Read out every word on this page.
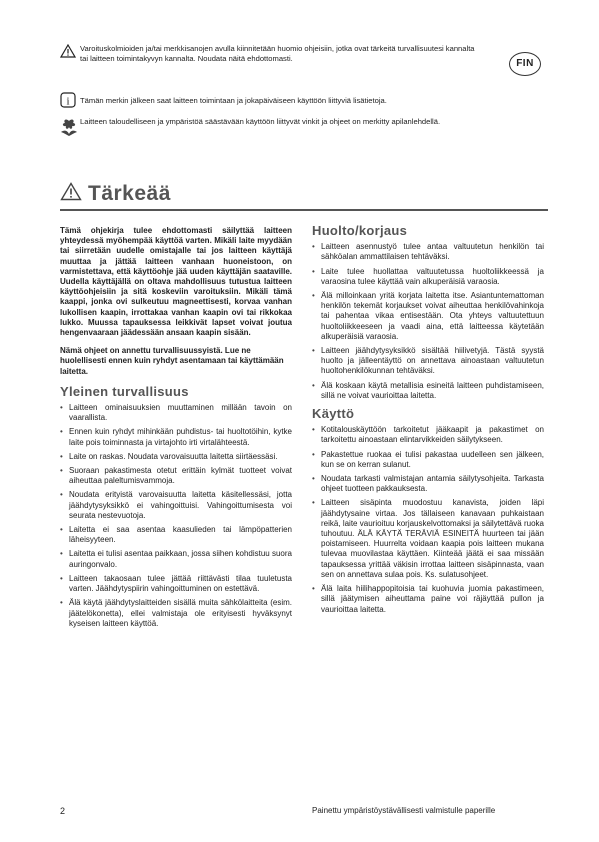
Varoituskolmioiden ja/tai merkkisanojen avulla kiinnitetään huomio ohjeisiin, jotka ovat tärkeitä turvallisuutesi kannalta tai laitteen toimintakyvyn kannalta. Noudata näitä ehdottomasti.	FIN
i Tämän merkin jälkeen saat laitteen toimintaan ja jokapäiväiseen käyttöön liittyviä lisätietoja.
Laitteen taloudelliseen ja ympäristöä säästävään käyttöön liittyvät vinkit ja ohjeet on merkitty apilanlehdellä.
Tärkeää

Tämä ohjekirja tulee ehdottomasti säilyttää laitteen yhteydessä myöhempää käyttöä varten. Mikäli laite myydään tai siirretään uudelle omistajalle tai jos laitteen käyttäjä muuttaa ja jättää laitteen vanhaan huoneistoon, on varmistettava, että käyttöohje jää uuden käyttäjän saataville. Uudella käyttäjällä on oltava mahdollisuus tutustua laitteen käyttöohjeisiin ja sitä koskeviin varoituksiin. Mikäli tämä kaappi, jonka ovi sulkeutuu magneettisesti, korvaa vanhan lukollisen kaapin, irrottakaa vanhan kaapin ovi tai rikkokaa lukko. Muussa tapauksessa leikkivät lapset voivat joutua hengenvaaraan jäädessään ansaan kaapin sisään.

Nämä ohjeet on annettu turvallisuussyistä. Lue ne huolellisesti ennen kuin ryhdyt asentamaan tai käyttämään laitetta.

Yleinen turvallisuus
• Laitteen ominaisuuksien muuttaminen millään tavoin on vaarallista.
• Ennen kuin ryhdyt mihinkään puhdistus- tai huoltotöihin, kytke laite pois toiminnasta ja virtajohto irti virtalähteestä.
• Laite on raskas. Noudata varovaisuutta laitetta siirtäessäsi.
• Suoraan pakastimesta otetut erittäin kylmät tuotteet voivat aiheuttaa paleltumisvammoja.
• Noudata erityistä varovaisuutta laitetta käsitellessäsi, jotta jäähdytysyksikkö ei vahingoittuisi. Vahingoittumisesta voi seurata nestevuotoja.
• Laitetta ei saa asentaa kaasulieden tai lämpöpatterien läheisyyteen.
• Laitetta ei tulisi asentaa paikkaan, jossa siihen kohdistuu suora auringonvalo.
• Laitteen takaosaan tulee jättää riittävästi tilaa tuuletusta varten. Jäähdytyspiirin vahingoittuminen on estettävä.
• Älä käytä jäähdytyslaitteiden sisällä muita sähkölaitteita (esim. jäätelökonetta), ellei valmistaja ole erityisesti hyväksynyt kyseisen laitteen käyttöä.
Huolto/korjaus
• Laitteen asennustyö tulee antaa valtuutetun henkilön tai sähköalan ammattilaisen tehtäväksi.
• Laite tulee huollattaa valtuutetussa huoltoliikkeessä ja varaosina tulee käyttää vain alkuperäisiä varaosia.
• Älä milloinkaan yritä korjata laitetta itse. Asiantuntemattoman henkilön tekemät korjaukset voivat aiheuttaa henkilövahinkoja tai pahentaa vikaa entisestään. Ota yhteys valtuutettuun huoltoliikkeeseen ja vaadi aina, että laitteessa käytetään alkuperäisiä varaosia.
• Laitteen jäähdytysyksikkö sisältää hiilivetyjä. Tästä syystä huolto ja jälleentäyttö on annettava ainoastaan valtuutetun huoltohenkilökunnan tehtäväksi.
• Älä koskaan käytä metallisia esineitä laitteen puhdistamiseen, sillä ne voivat vaurioittaa laitetta.
Käyttö
• Kotitalouskäyttöön tarkoitetut jääkaapit ja pakastimet on tarkoitettu ainoastaan elintarvikkeiden säilytykseen.
• Pakastettue ruokaa ei tulisi pakastaa uudelleen sen jälkeen, kun se on kerran sulanut.
• Noudata tarkasti valmistajan antamia säilytysohjeita. Tarkasta ohjeet tuotteen pakkauksesta.
• Laitteen sisäpinta muodostuu kanavista, joiden läpi jäähdytysaine virtaa. Jos tällaiseen kanavaan puhkaistaan reikä, laite vaurioituu korjauskelvottomaksi ja säilytettävä ruoka tuhoutuu. ÄLÄ KÄYTÄ TERÄVIÄ ESINEITÄ huurteen tai jään poistamiseen. Huurrelta voidaan kaapia pois laitteen mukana tulevaa muovilastaa käyttäen. Kiinteää jäätä ei saa missään tapauksessa yrittää väkisin irrottaa laitteen sisäpinnasta, vaan sen on annettava sulaa pois. Ks. sulatusohjeet.
• Älä laita hiilihappopitoisia tai kuohuvia juomia pakastimeen, sillä jäätymisen aiheuttama paine voi räjäyttää pullon ja vaurioittaa laitetta.
2	Painettu ympäristöystävällisesti valmistulle paperille
